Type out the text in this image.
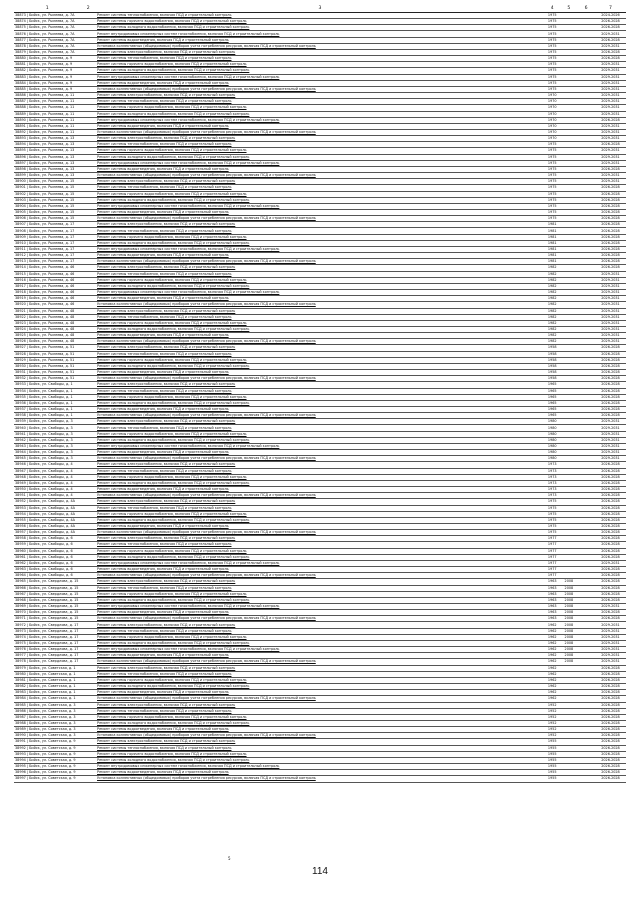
1	2	3	4	5	6	7
38873 | Бийск, ул. Рылеева, д. 7А		Ремонт системы теплоснабжения, включая ПСД и строительный контроль	1975			2024-2026
38874 | Бийск, ул. Рылеева, д. 7А		Ремонт системы горячего водоснабжения, включая ПСД и строительный контроль	1975			2026-2028
38875 | Бийск, ул. Рылеева, д. 7А		Ремонт системы холодного водоснабжения, включая ПСД и строительный контроль	1975			2026-2028
38876 | Бийск, ул. Рылеева, д. 7А		Ремонт внутридомовых инженерных систем газоснабжения, включая ПСД и строительный контроль	1975			2029-2031
38877 | Бийск, ул. Рылеева, д. 7А		Ремонт системы водоотведения, включая ПСД и строительный контроль	1975			2026-2028
38878 | Бийск, ул. Рылеева, д. 7А		Установка коллективных (общедомовых) приборов учета потребления ресурсов, включая ПСД и строительный контроль	1975			2029-2031
38879 | Бийск, ул. Рылеева, д. 7А		Ремонт системы электроснабжения, включая ПСД и строительный контроль	1975			2026-2028
38880 | Бийск, ул. Рылеева, д. 9		Ремонт системы теплоснабжения, включая ПСД и строительный контроль	1975			2026-2028
38881 | Бийск, ул. Рылеева, д. 9		Ремонт системы горячего водоснабжения, включая ПСД и строительный контроль	1975			2029-2031
38882 | Бийск, ул. Рылеева, д. 9		Ремонт системы холодного водоснабжения, включая ПСД и строительный контроль	1975			2029-2031
38883 | Бийск, ул. Рылеева, д. 9		Ремонт внутридомовых инженерных систем газоснабжения, включая ПСД и строительный контроль	1975			2029-2031
38884 | Бийск, ул. Рылеева, д. 9		Ремонт системы водоотведения, включая ПСД и строительный контроль	1975			2029-2031
38885 | Бийск, ул. Рылеева, д. 9		Установка коллективных (общедомовых) приборов учета потребления ресурсов, включая ПСД и строительный контроль	1975			2029-2031
38886 | Бийск, ул. Рылеева, д. 11		Ремонт системы электроснабжения, включая ПСД и строительный контроль	1970			2029-2031
38887 | Бийск, ул. Рылеева, д. 11		Ремонт системы теплоснабжения, включая ПСД и строительный контроль	1970			2029-2031
38888 | Бийск, ул. Рылеева, д. 11		Ремонт системы горячего водоснабжения, включая ПСД и строительный контроль	1970			2029-2031
38889 | Бийск, ул. Рылеева, д. 11		Ремонт системы холодного водоснабжения, включая ПСД и строительный контроль	1970			2029-2031
38890 | Бийск, ул. Рылеева, д. 11		Ремонт внутридомовых инженерных систем газоснабжения, включая ПСД и строительный контроль	1970			2026-2028
38891 | Бийск, ул. Рылеева, д. 11		Ремонт системы водоотведения, включая ПСД и строительный контроль	1970			2029-2031
38892 | Бийск, ул. Рылеева, д. 11		Установка коллективных (общедомовых) приборов учета потребления ресурсов, включая ПСД и строительный контроль	1970			2029-2031
38893 | Бийск, ул. Рылеева, д. 13		Ремонт системы электроснабжения, включая ПСД и строительный контроль	1970			2029-2031
38894 | Бийск, ул. Рылеева, д. 13		Ремонт системы теплоснабжения, включая ПСД и строительный контроль	1975			2026-2028
38895 | Бийск, ул. Рылеева, д. 13		Ремонт системы горячего водоснабжения, включая ПСД и строительный контроль	1975			2029-2031
38896 | Бийск, ул. Рылеева, д. 13		Ремонт системы холодного водоснабжения, включая ПСД и строительный контроль	1975			2029-2031
38897 | Бийск, ул. Рылеева, д. 13		Ремонт внутридомовых инженерных систем газоснабжения, включая ПСД и строительный контроль	1975			2029-2031
38898 | Бийск, ул. Рылеева, д. 13		Ремонт системы водоотведения, включая ПСД и строительный контроль	1975			2026-2028
38899 | Бийск, ул. Рылеева, д. 13		Установка коллективных (общедомовых) приборов учета потребления ресурсов, включая ПСД и строительный контроль	1975			2029-2031
38900 | Бийск, ул. Рылеева, д. 15		Ремонт системы электроснабжения, включая ПСД и строительный контроль	1975			2029-2031
38901 | Бийск, ул. Рылеева, д. 15		Ремонт системы теплоснабжения, включая ПСД и строительный контроль	1975			2026-2028
38902 | Бийск, ул. Рылеева, д. 15		Ремонт системы горячего водоснабжения, включая ПСД и строительный контроль	1975			2026-2028
38903 | Бийск, ул. Рылеева, д. 15		Ремонт системы холодного водоснабжения, включая ПСД и строительный контроль	1975			2026-2028
38904 | Бийск, ул. Рылеева, д. 15		Ремонт внутридомовых инженерных систем газоснабжения, включая ПСД и строительный контроль	1975			2026-2028
38905 | Бийск, ул. Рылеева, д. 15		Ремонт системы водоотведения, включая ПСД и строительный контроль	1975			2026-2028
38906 | Бийск, ул. Рылеева, д. 15		Установка коллективных (общедомовых) приборов учета потребления ресурсов, включая ПСД и строительный контроль	1975			2026-2028
38907 | Бийск, ул. Рылеева, д. 17		Ремонт системы электроснабжения, включая ПСД и строительный контроль	1981			2026-2028
38908 | Бийск, ул. Рылеева, д. 17		Ремонт системы теплоснабжения, включая ПСД и строительный контроль	1981			2026-2028
38909 | Бийск, ул. Рылеева, д. 17		Ремонт системы горячего водоснабжения, включая ПСД и строительный контроль	1981			2026-2028
38910 | Бийск, ул. Рылеева, д. 17		Ремонт системы холодного водоснабжения, включая ПСД и строительный контроль	1981			2026-2028
38911 | Бийск, ул. Рылеева, д. 17		Ремонт внутридомовых инженерных систем газоснабжения, включая ПСД и строительный контроль	1981			2026-2028
38912 | Бийск, ул. Рылеева, д. 17		Ремонт системы водоотведения, включая ПСД и строительный контроль	1981			2026-2028
38913 | Бийск, ул. Рылеева, д. 17		Установка коллективных (общедомовых) приборов учета потребления ресурсов, включая ПСД и строительный контроль	1981			2026-2028
38914 | Бийск, ул. Рылеева, д. 46		Ремонт системы электроснабжения, включая ПСД и строительный контроль	1982			2026-2028
38915 | Бийск, ул. Рылеева, д. 46		Ремонт системы теплоснабжения, включая ПСД и строительный контроль	1982			2029-2031
38916 | Бийск, ул. Рылеева, д. 46		Ремонт системы горячего водоснабжения, включая ПСД и строительный контроль	1982			2029-2031
38917 | Бийск, ул. Рылеева, д. 46		Ремонт системы холодного водоснабжения, включая ПСД и строительный контроль	1982			2029-2031
38918 | Бийск, ул. Рылеева, д. 46		Ремонт внутридомовых инженерных систем газоснабжения, включая ПСД и строительный контроль	1982			2029-2031
38919 | Бийск, ул. Рылеева, д. 46		Ремонт системы водоотведения, включая ПСД и строительный контроль	1982			2029-2031
38920 | Бийск, ул. Рылеева, д. 46		Установка коллективных (общедомовых) приборов учета потребления ресурсов, включая ПСД и строительный контроль	1982			2029-2031
38921 | Бийск, ул. Рылеева, д. 48		Ремонт системы электроснабжения, включая ПСД и строительный контроль	1982			2029-2031
38922 | Бийск, ул. Рылеева, д. 48		Ремонт системы теплоснабжения, включая ПСД и строительный контроль	1982			2029-2031
38923 | Бийск, ул. Рылеева, д. 48		Ремонт системы горячего водоснабжения, включая ПСД и строительный контроль	1982			2029-2031
38924 | Бийск, ул. Рылеева, д. 48		Ремонт системы холодного водоснабжения, включая ПСД и строительный контроль	1982			2029-2031
38925 | Бийск, ул. Рылеева, д. 48		Ремонт системы водоотведения, включая ПСД и строительный контроль	1982			2029-2031
38926 | Бийск, ул. Рылеева, д. 48		Установка коллективных (общедомовых) приборов учета потребления ресурсов, включая ПСД и строительный контроль	1982			2029-2031
38927 | Бийск, ул. Рылеева, д. 51		Ремонт системы электроснабжения, включая ПСД и строительный контроль	1958			2026-2028
38928 | Бийск, ул. Рылеева, д. 51		Ремонт системы теплоснабжения, включая ПСД и строительный контроль	1958			2026-2028
38929 | Бийск, ул. Рылеева, д. 51		Ремонт системы горячего водоснабжения, включая ПСД и строительный контроль	1958			2026-2028
38930 | Бийск, ул. Рылеева, д. 51		Ремонт системы холодного водоснабжения, включая ПСД и строительный контроль	1958			2026-2028
38931 | Бийск, ул. Рылеева, д. 51		Ремонт системы водоотведения, включая ПСД и строительный контроль	1958			2026-2028
38932 | Бийск, ул. Рылеева, д. 51		Установка коллективных (общедомовых) приборов учета потребления ресурсов, включая ПСД и строительный контроль	1958			2026-2028
38933 | Бийск, ул. Свободы, д. 1		Ремонт системы электроснабжения, включая ПСД и строительный контроль	1965			2026-2028
38934 | Бийск, ул. Свободы, д. 1		Ремонт системы теплоснабжения, включая ПСД и строительный контроль	1965			2026-2028
38935 | Бийск, ул. Свободы, д. 1		Ремонт системы горячего водоснабжения, включая ПСД и строительный контроль	1965			2026-2028
38936 | Бийск, ул. Свободы, д. 1		Ремонт системы холодного водоснабжения, включая ПСД и строительный контроль	1965			2026-2028
38937 | Бийск, ул. Свободы, д. 1		Ремонт системы водоотведения, включая ПСД и строительный контроль	1965			2026-2028
38938 | Бийск, ул. Свободы, д. 1		Установка коллективных (общедомовых) приборов учета потребления ресурсов, включая ПСД и строительный контроль	1965			2026-2028
38939 | Бийск, ул. Свободы, д. 3		Ремонт системы электроснабжения, включая ПСД и строительный контроль	1980			2029-2031
38940 | Бийск, ул. Свободы, д. 3		Ремонт системы теплоснабжения, включая ПСД и строительный контроль	1980			2029-2031
38941 | Бийск, ул. Свободы, д. 3		Ремонт системы горячего водоснабжения, включая ПСД и строительный контроль	1980			2029-2031
38942 | Бийск, ул. Свободы, д. 3		Ремонт системы холодного водоснабжения, включая ПСД и строительный контроль	1980			2029-2031
38943 | Бийск, ул. Свободы, д. 3		Ремонт внутридомовых инженерных систем газоснабжения, включая ПСД и строительный контроль	1980			2029-2031
38944 | Бийск, ул. Свободы, д. 3		Ремонт системы водоотведения, включая ПСД и строительный контроль	1980			2029-2031
38945 | Бийск, ул. Свободы, д. 3		Установка коллективных (общедомовых) приборов учета потребления ресурсов, включая ПСД и строительный контроль	1980			2029-2031
38946 | Бийск, ул. Свободы, д. 4		Ремонт системы электроснабжения, включая ПСД и строительный контроль	1973			2026-2028
38947 | Бийск, ул. Свободы, д. 4		Ремонт системы теплоснабжения, включая ПСД и строительный контроль	1973			2026-2028
38948 | Бийск, ул. Свободы, д. 4		Ремонт системы горячего водоснабжения, включая ПСД и строительный контроль	1973			2026-2028
38949 | Бийск, ул. Свободы, д. 4		Ремонт системы холодного водоснабжения, включая ПСД и строительный контроль	1973			2026-2028
38950 | Бийск, ул. Свободы, д. 4		Ремонт системы водоотведения, включая ПСД и строительный контроль	1973			2026-2028
38951 | Бийск, ул. Свободы, д. 4		Установка коллективных (общедомовых) приборов учета потребления ресурсов, включая ПСД и строительный контроль	1973			2026-2028
38952 | Бийск, ул. Свободы, д. 4А		Ремонт системы электроснабжения, включая ПСД и строительный контроль	1975			2026-2028
38953 | Бийск, ул. Свободы, д. 4А		Ремонт системы теплоснабжения, включая ПСД и строительный контроль	1975			2026-2028
38954 | Бийск, ул. Свободы, д. 4А		Ремонт системы горячего водоснабжения, включая ПСД и строительный контроль	1975			2026-2028
38955 | Бийск, ул. Свободы, д. 4А		Ремонт системы холодного водоснабжения, включая ПСД и строительный контроль	1975			2026-2028
38956 | Бийск, ул. Свободы, д. 4А		Ремонт системы водоотведения, включая ПСД и строительный контроль	1975			2026-2028
38957 | Бийск, ул. Свободы, д. 4А		Установка коллективных (общедомовых) приборов учета потребления ресурсов, включая ПСД и строительный контроль	1975			2026-2028
38958 | Бийск, ул. Свободы, д. 6		Ремонт системы электроснабжения, включая ПСД и строительный контроль	1977			2026-2028
38959 | Бийск, ул. Свободы, д. 6		Ремонт системы теплоснабжения, включая ПСД и строительный контроль	1977			2026-2028
38960 | Бийск, ул. Свободы, д. 6		Ремонт системы горячего водоснабжения, включая ПСД и строительный контроль	1977			2026-2028
38961 | Бийск, ул. Свободы, д. 6		Ремонт системы холодного водоснабжения, включая ПСД и строительный контроль	1977			2026-2028
38962 | Бийск, ул. Свободы, д. 6		Ремонт внутридомовых инженерных систем газоснабжения, включая ПСД и строительный контроль	1977			2029-2031
38963 | Бийск, ул. Свободы, д. 6		Ремонт системы водоотведения, включая ПСД и строительный контроль	1977			2026-2028
38964 | Бийск, ул. Свободы, д. 6		Установка коллективных (общедомовых) приборов учета потребления ресурсов, включая ПСД и строительный контроль	1977			2026-2028
38965 | Бийск, ул. Свердлова, д. 15		Ремонт системы электроснабжения, включая ПСД и строительный контроль	1963	2008		2026-2028
38966 | Бийск, ул. Свердлова, д. 15		Ремонт системы теплоснабжения, включая ПСД и строительный контроль	1963	2008		2026-2028
38967 | Бийск, ул. Свердлова, д. 15		Ремонт системы горячего водоснабжения, включая ПСД и строительный контроль	1963	2008		2026-2028
38968 | Бийск, ул. Свердлова, д. 15		Ремонт системы холодного водоснабжения, включая ПСД и строительный контроль	1963	2008		2026-2028
38969 | Бийск, ул. Свердлова, д. 15		Ремонт внутридомовых инженерных систем газоснабжения, включая ПСД и строительный контроль	1963	2008		2029-2031
38970 | Бийск, ул. Свердлова, д. 15		Ремонт системы водоотведения, включая ПСД и строительный контроль	1963	2008		2026-2028
38971 | Бийск, ул. Свердлова, д. 15		Установка коллективных (общедомовых) приборов учета потребления ресурсов, включая ПСД и строительный контроль	1963	2008		2026-2028
38972 | Бийск, ул. Свердлова, д. 17		Ремонт системы электроснабжения, включая ПСД и строительный контроль	1962	2008		2029-2031
38973 | Бийск, ул. Свердлова, д. 17		Ремонт системы теплоснабжения, включая ПСД и строительный контроль	1962	2008		2029-2031
38974 | Бийск, ул. Свердлова, д. 17		Ремонт системы горячего водоснабжения, включая ПСД и строительный контроль	1962	2008		2029-2031
38975 | Бийск, ул. Свердлова, д. 17		Ремонт системы холодного водоснабжения, включая ПСД и строительный контроль	1962	2008		2029-2031
38976 | Бийск, ул. Свердлова, д. 17		Ремонт внутридомовых инженерных систем газоснабжения, включая ПСД и строительный контроль	1962	2008		2029-2031
38977 | Бийск, ул. Свердлова, д. 17		Ремонт системы водоотведения, включая ПСД и строительный контроль	1962	2008		2029-2031
38978 | Бийск, ул. Свердлова, д. 17		Установка коллективных (общедомовых) приборов учета потребления ресурсов, включая ПСД и строительный контроль	1962	2008		2029-2031
38979 | Бийск, ул. Советская, д. 1		Ремонт системы электроснабжения, включая ПСД и строительный контроль	1962			2026-2028
38980 | Бийск, ул. Советская, д. 1		Ремонт системы теплоснабжения, включая ПСД и строительный контроль	1962			2026-2028
38981 | Бийск, ул. Советская, д. 1		Ремонт системы горячего водоснабжения, включая ПСД и строительный контроль	1962			2026-2028
38982 | Бийск, ул. Советская, д. 1		Ремонт системы холодного водоснабжения, включая ПСД и строительный контроль	1962			2026-2028
38983 | Бийск, ул. Советская, д. 1		Ремонт системы водоотведения, включая ПСД и строительный контроль	1962			2026-2028
38984 | Бийск, ул. Советская, д. 1		Установка коллективных (общедомовых) приборов учета потребления ресурсов, включая ПСД и строительный контроль	1962			2026-2028
38985 | Бийск, ул. Советская, д. 3		Ремонт системы электроснабжения, включая ПСД и строительный контроль	1952			2026-2028
38986 | Бийск, ул. Советская, д. 3		Ремонт системы теплоснабжения, включая ПСД и строительный контроль	1952			2026-2028
38987 | Бийск, ул. Советская, д. 3		Ремонт системы горячего водоснабжения, включая ПСД и строительный контроль	1952			2026-2028
38988 | Бийск, ул. Советская, д. 3		Ремонт системы холодного водоснабжения, включая ПСД и строительный контроль	1952			2026-2028
38989 | Бийск, ул. Советская, д. 3		Ремонт системы водоотведения, включая ПСД и строительный контроль	1952			2026-2028
38990 | Бийск, ул. Советская, д. 3		Установка коллективных (общедомовых) приборов учета потребления ресурсов, включая ПСД и строительный контроль	1952			2026-2028
38991 | Бийск, ул. Советская, д. 9		Ремонт системы электроснабжения, включая ПСД и строительный контроль	1955			2026-2028
38992 | Бийск, ул. Советская, д. 9		Ремонт системы теплоснабжения, включая ПСД и строительный контроль	1955			2026-2028
38993 | Бийск, ул. Советская, д. 9		Ремонт системы горячего водоснабжения, включая ПСД и строительный контроль	1955			2026-2028
38994 | Бийск, ул. Советская, д. 9		Ремонт системы холодного водоснабжения, включая ПСД и строительный контроль	1955			2026-2028
38995 | Бийск, ул. Советская, д. 9		Ремонт внутридомовых инженерных систем газоснабжения, включая ПСД и строительный контроль	1955			2026-2028
38996 | Бийск, ул. Советская, д. 9		Ремонт системы водоотведения, включая ПСД и строительный контроль	1955			2026-2028
38997 | Бийск, ул. Советская, д. 9		Установка коллективных (общедомовых) приборов учета потребления ресурсов, включая ПСД и строительный контроль	1955			2026-2028
5
114
